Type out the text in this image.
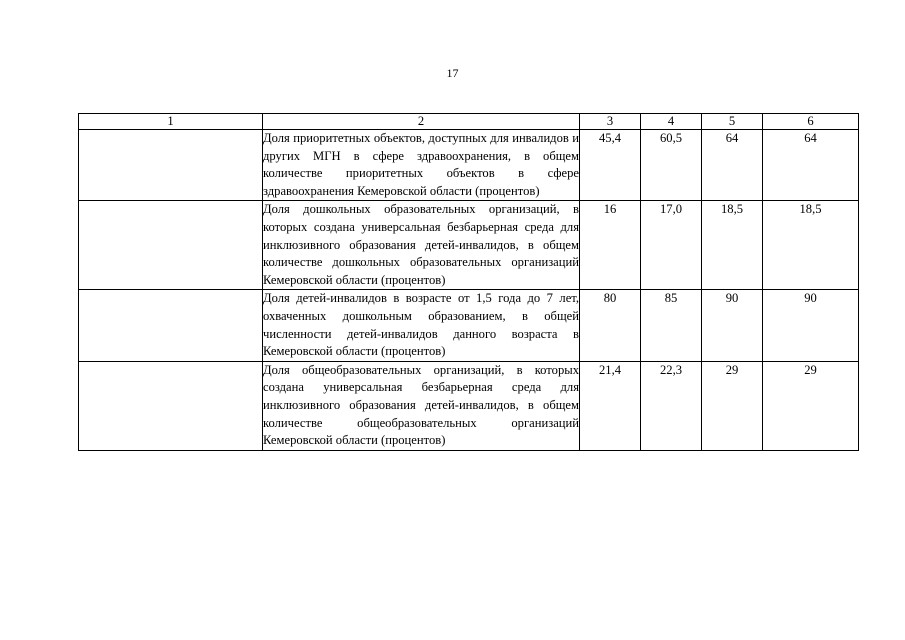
17
1	2	3	4	5	6
	Доля приоритетных объектов, доступных для инвалидов и других МГН в сфере здравоохранения, в общем количестве приоритетных объектов в сфере здравоохранения Кемеровской области (процентов)	45,4	60,5	64	64
	Доля дошкольных образовательных организаций, в которых создана универсальная безбарьерная среда для инклюзивного образования детей-инвалидов, в общем количестве дошкольных образовательных организаций Кемеровской области (процентов)	16	17,0	18,5	18,5
	Доля детей-инвалидов в возрасте от 1,5 года до 7 лет, охваченных дошкольным образованием, в общей численности детей-инвалидов данного возраста в Кемеровской области (процентов)	80	85	90	90
	Доля общеобразовательных организаций, в которых создана универсальная безбарьерная среда для инклюзивного образования детей-инвалидов, в общем количестве общеобразовательных организаций Кемеровской области (процентов)	21,4	22,3	29	29
